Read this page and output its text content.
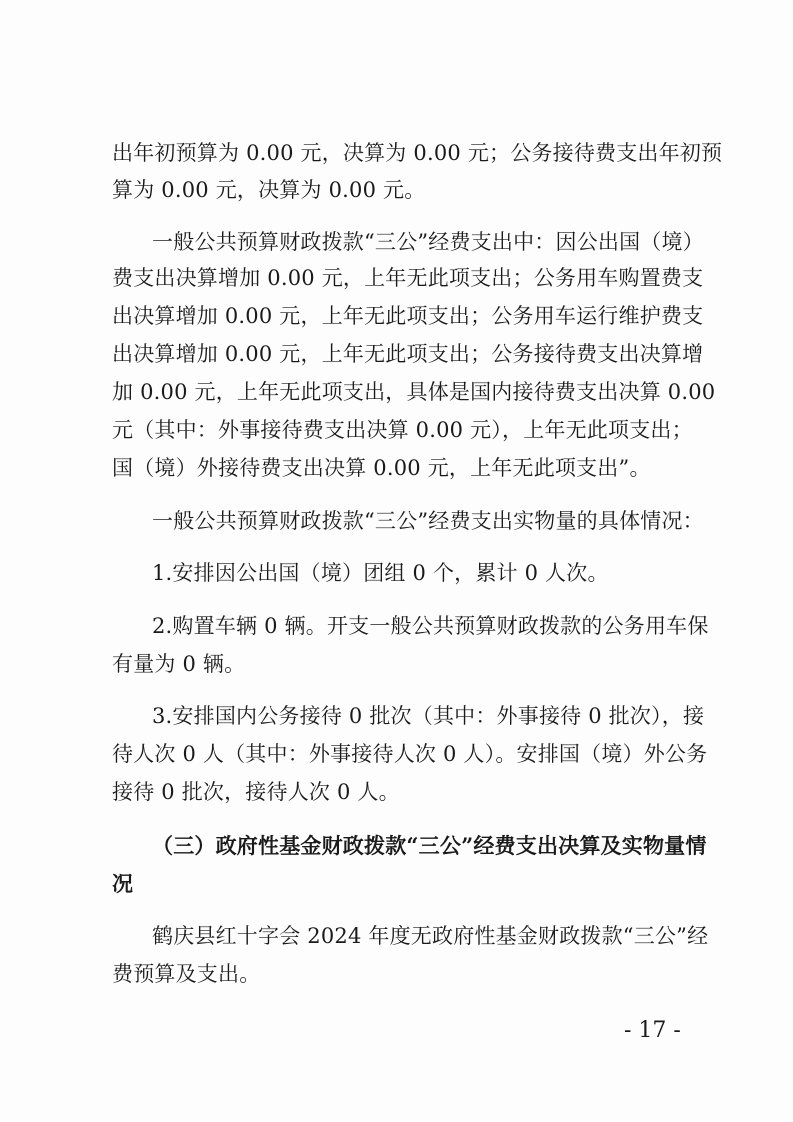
出年初预算为 0.00 元，决算为 0.00 元；公务接待费支出年初预
算为 0.00 元，决算为 0.00 元。
一般公共预算财政拨款“三公”经费支出中：因公出国（境）
费支出决算增加 0.00 元，上年无此项支出；公务用车购置费支
出决算增加 0.00 元，上年无此项支出；公务用车运行维护费支
出决算增加 0.00 元，上年无此项支出；公务接待费支出决算增
加 0.00 元，上年无此项支出，具体是国内接待费支出决算 0.00
元（其中：外事接待费支出决算 0.00 元），上年无此项支出；
国（境）外接待费支出决算 0.00 元，上年无此项支出”。
一般公共预算财政拨款“三公”经费支出实物量的具体情况：
1.安排因公出国（境）团组 0 个，累计 0 人次。
2.购置车辆 0 辆。开支一般公共预算财政拨款的公务用车保
有量为 0 辆。
3.安排国内公务接待 0 批次（其中：外事接待 0 批次），接
待人次 0 人（其中：外事接待人次 0 人）。安排国（境）外公务
接待 0 批次，接待人次 0 人。
（三）政府性基金财政拨款“三公”经费支出决算及实物量情
况
鹤庆县红十字会 2024 年度无政府性基金财政拨款“三公”经
费预算及支出。
- 17 -
